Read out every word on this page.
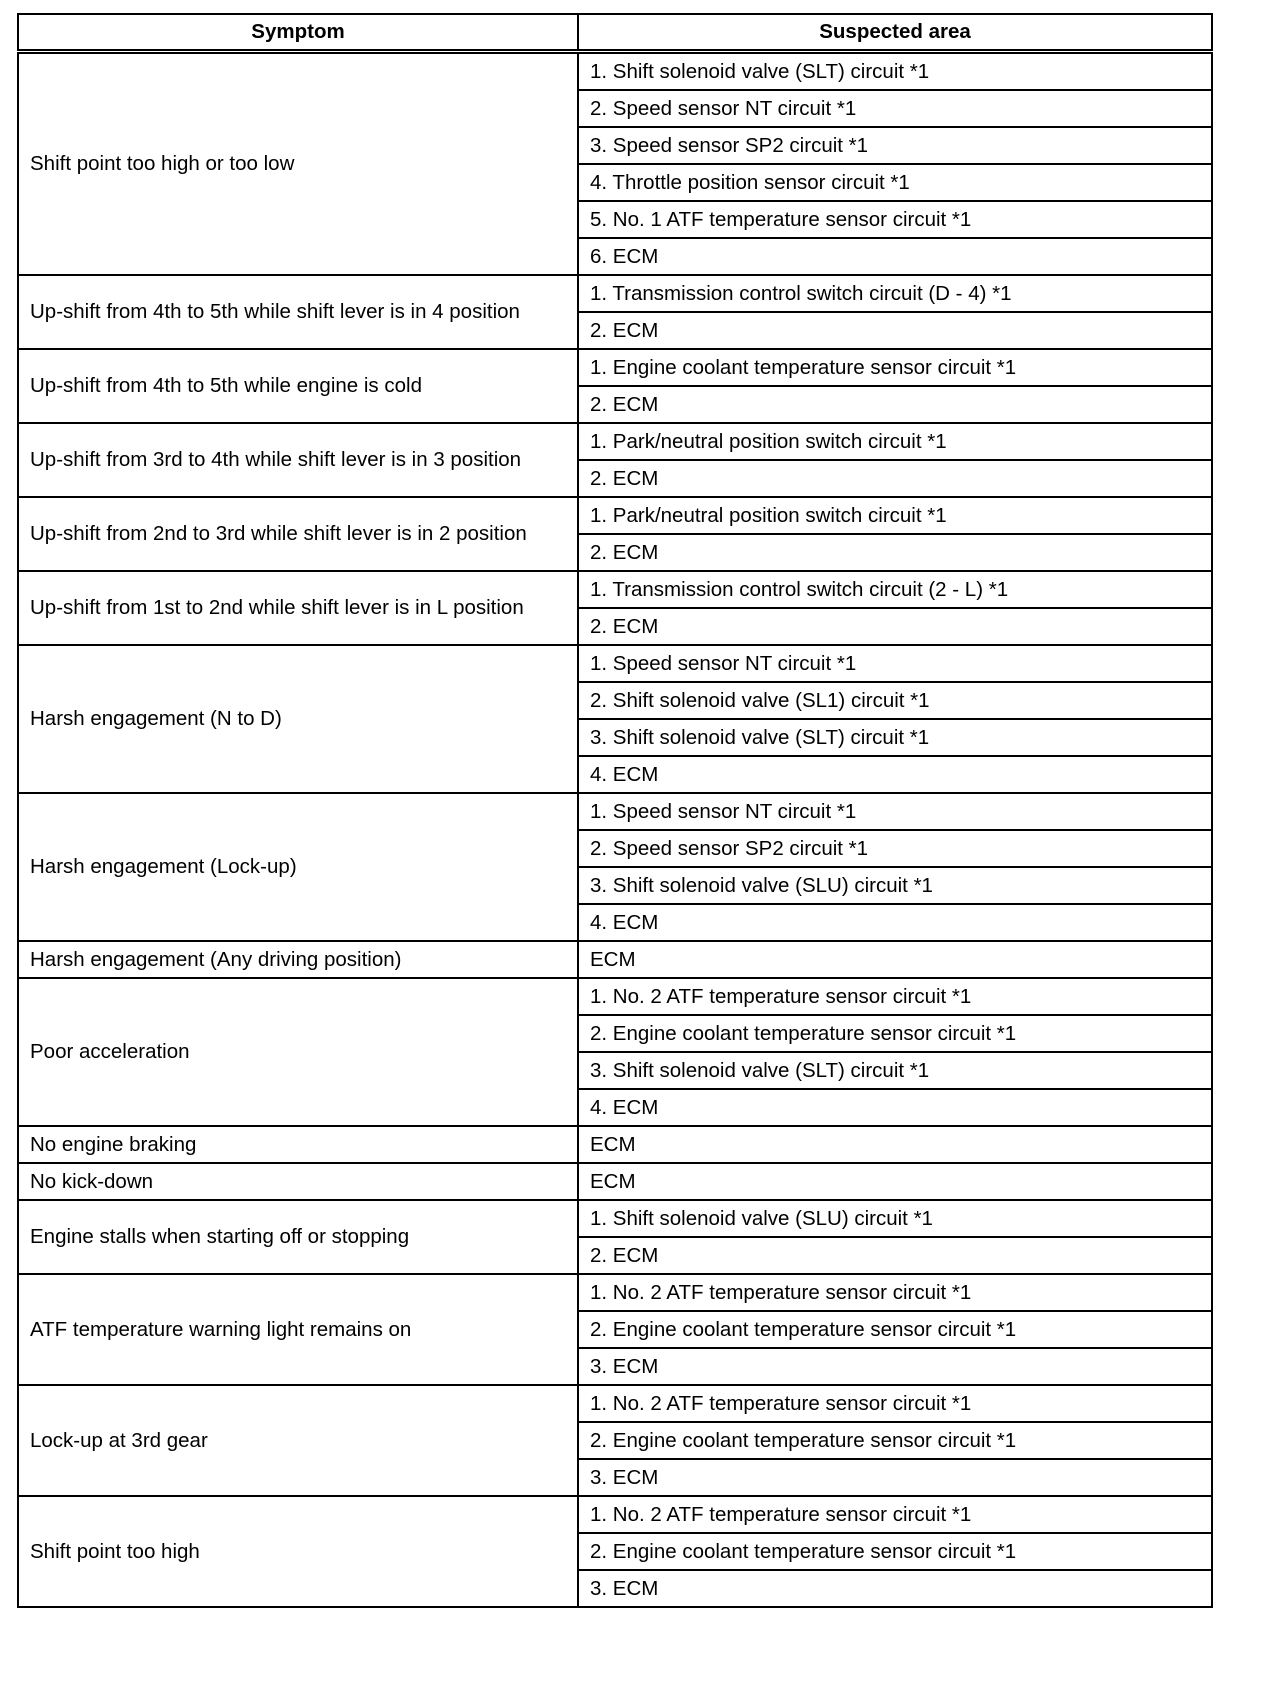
Symptom	Suspected area
Shift point too high or too low	1. Shift solenoid valve (SLT) circuit *1
	2. Speed sensor NT circuit *1
	3. Speed sensor SP2 circuit *1
	4. Throttle position sensor circuit *1
	5. No. 1 ATF temperature sensor circuit *1
	6. ECM
Up-shift from 4th to 5th while shift lever is in 4 position	1. Transmission control switch circuit (D - 4) *1
	2. ECM
Up-shift from 4th to 5th while engine is cold	1. Engine coolant temperature sensor circuit *1
	2. ECM
Up-shift from 3rd to 4th while shift lever is in 3 position	1. Park/neutral position switch circuit *1
	2. ECM
Up-shift from 2nd to 3rd while shift lever is in 2 position	1. Park/neutral position switch circuit *1
	2. ECM
Up-shift from 1st to 2nd while shift lever is in L position	1. Transmission control switch circuit (2 - L) *1
	2. ECM
Harsh engagement (N to D)	1. Speed sensor NT circuit *1
	2. Shift solenoid valve (SL1) circuit *1
	3. Shift solenoid valve (SLT) circuit *1
	4. ECM
Harsh engagement (Lock-up)	1. Speed sensor NT circuit *1
	2. Speed sensor SP2 circuit *1
	3. Shift solenoid valve (SLU) circuit *1
	4. ECM
Harsh engagement (Any driving position)	ECM
Poor acceleration	1. No. 2 ATF temperature sensor circuit *1
	2. Engine coolant temperature sensor circuit *1
	3. Shift solenoid valve (SLT) circuit *1
	4. ECM
No engine braking	ECM
No kick-down	ECM
Engine stalls when starting off or stopping	1. Shift solenoid valve (SLU) circuit *1
	2. ECM
ATF temperature warning light remains on	1. No. 2 ATF temperature sensor circuit *1
	2. Engine coolant temperature sensor circuit *1
	3. ECM
Lock-up at 3rd gear	1. No. 2 ATF temperature sensor circuit *1
	2. Engine coolant temperature sensor circuit *1
	3. ECM
Shift point too high	1. No. 2 ATF temperature sensor circuit *1
	2. Engine coolant temperature sensor circuit *1
	3. ECM
